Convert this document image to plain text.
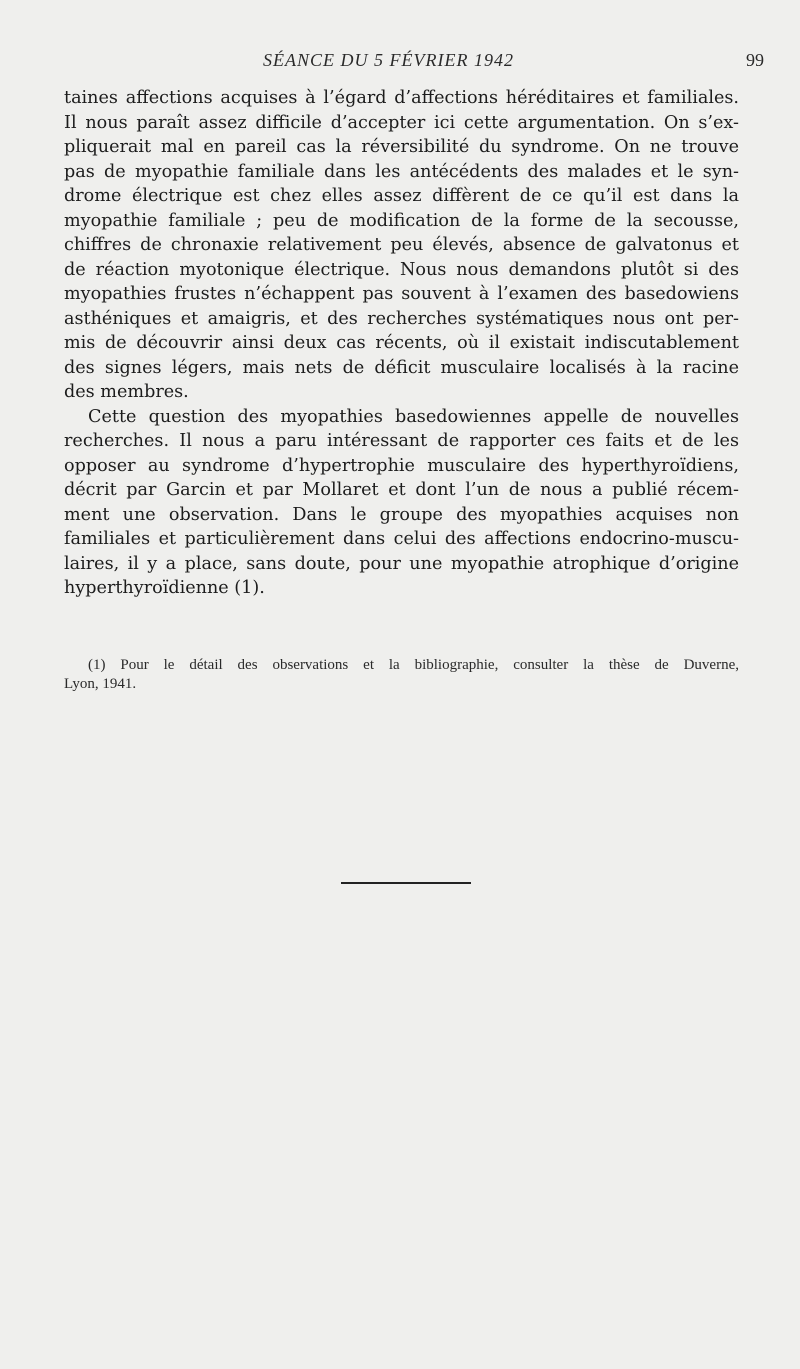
SÉANCE DU 5 FÉVRIER 1942	99
taines affections acquises à l’égard d’affections héréditaires et familiales.
Il nous paraît assez difficile d’accepter ici cette argumentation. On s’ex-
pliquerait mal en pareil cas la réversibilité du syndrome. On ne trouve
pas de myopathie familiale dans les antécédents des malades et le syn-
drome électrique est chez elles assez diffèrent de ce qu’il est dans la
myopathie familiale ; peu de modification de la forme de la secousse,
chiffres de chronaxie relativement peu élevés, absence de galvatonus et
de réaction myotonique électrique. Nous nous demandons plutôt si des
myopathies frustes n’échappent pas souvent à l’examen des basedowiens
asthéniques et amaigris, et des recherches systématiques nous ont per-
mis de découvrir ainsi deux cas récents, où il existait indiscutablement
des signes légers, mais nets de déficit musculaire localisés à la racine
des membres.
Cette question des myopathies basedowiennes appelle de nouvelles
recherches. Il nous a paru intéressant de rapporter ces faits et de les
opposer au syndrome d’hypertrophie musculaire des hyperthyroïdiens,
décrit par Garcin et par Mollaret et dont l’un de nous a publié récem-
ment une observation. Dans le groupe des myopathies acquises non
familiales et particulièrement dans celui des affections endocrino-muscu-
laires, il y a place, sans doute, pour une myopathie atrophique d’origine
hyperthyroïdienne (1).
(1) Pour le détail des observations et la bibliographie, consulter la thèse de Duverne,
Lyon, 1941.
